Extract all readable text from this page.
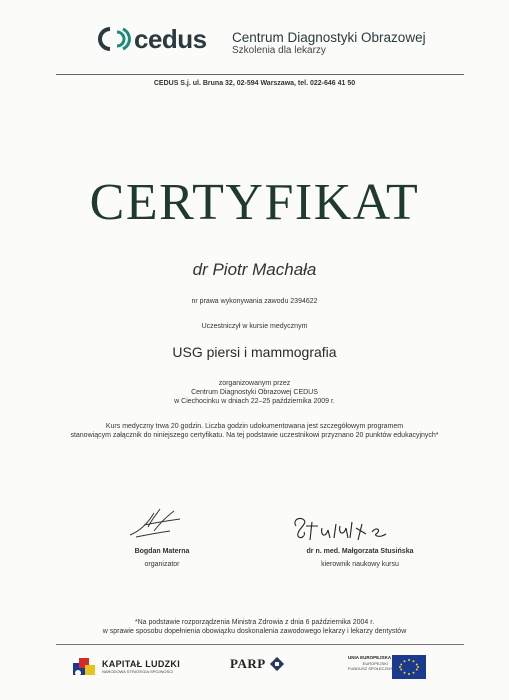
cedus Centrum Diagnostyki Obrazowej
Szkolenia dla lekarzy
CEDUS S.j. ul. Bruna 32, 02-594 Warszawa, tel. 022-646 41 50
CERTYFIKAT
dr Piotr Machała
nr prawa wykonywania zawodu 2394622
Uczestniczył w kursie medycznym
USG piersi i mammografia
zorganizowanym przez
Centrum Diagnostyki Obrazowej CEDUS
w Ciechocinku w dniach 22–25 października 2009 r.
Kurs medyczny trwa 20 godzin. Liczba godzin udokumentowana jest szczegółowym programem
stanowiącym załącznik do niniejszego certyfikatu. Na tej podstawie uczestnikowi przyznano 20 punktów edukacyjnych*
Bogdan Materna
organizator
dr n. med. Małgorzata Stusińska
kierownik naukowy kursu
*Na podstawie rozporządzenia Ministra Zdrowia z dnia 6 października 2004 r.
w sprawie sposobu dopełnienia obowiązku doskonalenia zawodowego lekarzy i lekarzy dentystów
KAPITAŁ LUDZKI
NARODOWA STRATEGIA SPÓJNOŚCI
PARP	UNIA EUROPEJSKA
EUROPEJSKI
FUNDUSZ SPOŁECZNY
